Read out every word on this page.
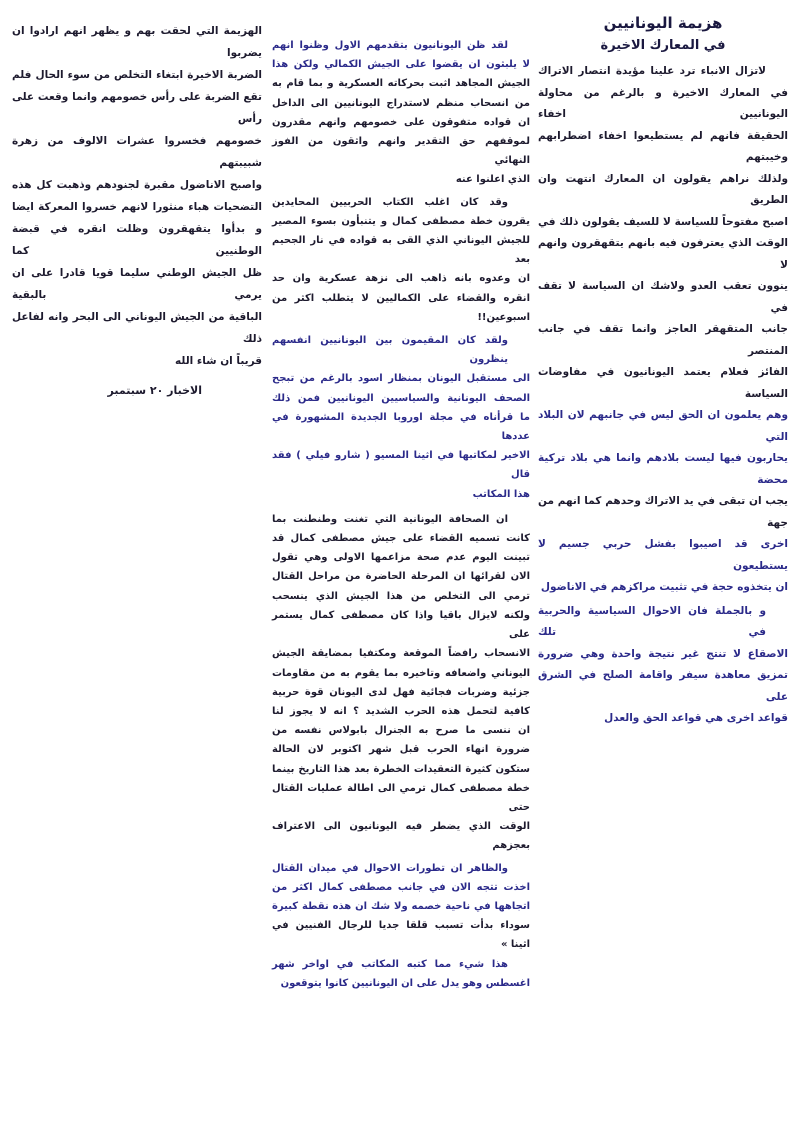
هزيمة اليونانيين
في المعارك الاخيرة

لاتزال الانباء ترد علينا مؤيدة انتصار الاتراك

في المعارك الاخيرة و بالرغم من محاولة اليونانيين اخفاء

الحقيقة فانهم لم يستطيعوا اخفاء اضطرابهم وخيبتهم

ولذلك نراهم يقولون ان المعارك انتهت وان الطريق

اصبح مفتوحاً للسياسة لا للسيف يقولون ذلك في

الوقت الذي يعترفون فيه بانهم يتقهقرون وانهم لا

ينوون تعقب العدو ولاشك ان السياسة لا تقف في

جانب المتقهقر العاجز وانما تقف في جانب المنتصر

الفائز فعلام يعتمد اليونانيون في مفاوضات السياسة

وهم يعلمون ان الحق ليس في جانبهم لان البلاد التي

يحاربون فيها ليست بلادهم وانما هي بلاد تركية محضة

يجب ان تبقى في يد الاتراك وحدهم كما انهم من جهة

اخرى قد اصيبوا بفشل حربي جسيم لا يستطيعون

ان يتخذوه حجة في تثبيت مراكزهم في الاناضول

و بالجملة فان الاحوال السياسية والحربية في تلك

الاصقاع لا تنتج غير نتيجة واحدة وهي ضرورة

تمزيق معاهدة سيفر واقامة الصلح في الشرق على

قواعد اخرى هي قواعد الحق والعدل

لقد ظن اليونانيون بتقدمهم الاول وظنوا انهم

لا يلبثون ان يقضوا على الجيش الكمالي ولكن هذا

الجيش المجاهد اثبت بحركاته العسكرية و بما قام به

من انسحاب منظم لاستدراج اليونانيين الى الداخل

ان قواده متفوقون على خصومهم وانهم مقدرون

لموقفهم حق التقدير وانهم واثقون من الفوز النهائي

الذي اعلنوا عنه

وقد كان اغلب الكتاب الحربيين المحايدين

يقرون خطة مصطفى كمال و يتنبأون بسوء المصير

للجيش اليوناني الذي القى به قواده في نار الجحيم بعد

ان وعدوه بانه ذاهب الى نزهة عسكرية وان حد

انقره والقضاء على الكماليين لا يتطلب اكثر من

اسبوعين!!

ولقد كان المقيمون بين اليونانيين انفسهم ينظرون

الى مستقبل اليونان بمنظار اسود بالرغم من تبجح

الصحف اليونانية والسياسيين اليونانيين فمن ذلك

ما قرأناه في مجلة اوروبا الجديدة المشهورة في عددها

الاخير لمكاتبها في اثينا المسيو ( شارو فيلي ) فقد قال

هذا المكاتب

ان الصحافة اليونانية التي تغنت وطنطنت بما

كانت تسميه القضاء على جيش مصطفى كمال قد

تبينت اليوم عدم صحة مزاعمها الاولى وهي تقول

الان لقرائها ان المرحلة الحاضرة من مراحل القتال

ترمي الى التخلص من هذا الجيش الذي ينسحب

ولكنه لايزال باقيا واذا كان مصطفى كمال يستمر على

الانسحاب رافضاً الموقعة ومكتفيا بمضايقة الجيش

اليوناني واضعافه وتاخيره بما يقوم به من مقاومات

جزئية وضربات فجائية فهل لدى اليونان قوة حربية

كافية لتحمل هذه الحرب الشديد ؟ انه لا يجوز لنا

ان ننسى ما صرح به الجنرال بابولاس نفسه من

ضرورة انهاء الحرب قبل شهر اكتوبر لان الحالة

ستكون كثيرة التعقيدات الخطرة بعد هذا التاريخ بينما

خطة مصطفى كمال ترمي الى اطالة عمليات القتال حتى

الوقت الذي يضطر فيه اليونانيون الى الاعتراف

بعجزهم

والظاهر ان تطورات الاحوال في ميدان القتال

اخذت تتجه الان في جانب مصطفى كمال اكثر من

اتجاهها في ناحية خصمه ولا شك ان هذه نقطة كبيرة

سوداء بدأت تسبب قلقا جديا للرجال الفنيين في

اثينا »

هذا شيء مما كتبه المكاتب في اواخر شهر

اغسطس وهو يدل على ان اليونانيين كانوا يتوقعون

الهزيمة التي لحقت بهم و يظهر انهم ارادوا ان يضربوا

الضربة الاخيرة ابتغاء التخلص من سوء الحال فلم

تقع الضربة على رأس خصومهم وانما وقعت على رأس

خصومهم فخسروا عشرات الالوف من زهرة شبيبتهم

واصبح الاناضول مقبرة لجنودهم وذهبت كل هذه

التضحيات هباء منثورا لانهم خسروا المعركة ايضا

و بدأوا يتقهقرون وظلت انقره في قبضة الوطنيين كما

ظل الجيش الوطني سليما قويا قادرا على ان يرمي بالبقية

الباقية من الجيش اليوناني الى البحر وانه لفاعل ذلك

قريباً ان شاء الله

الاخبار ٢٠ سبتمبر
